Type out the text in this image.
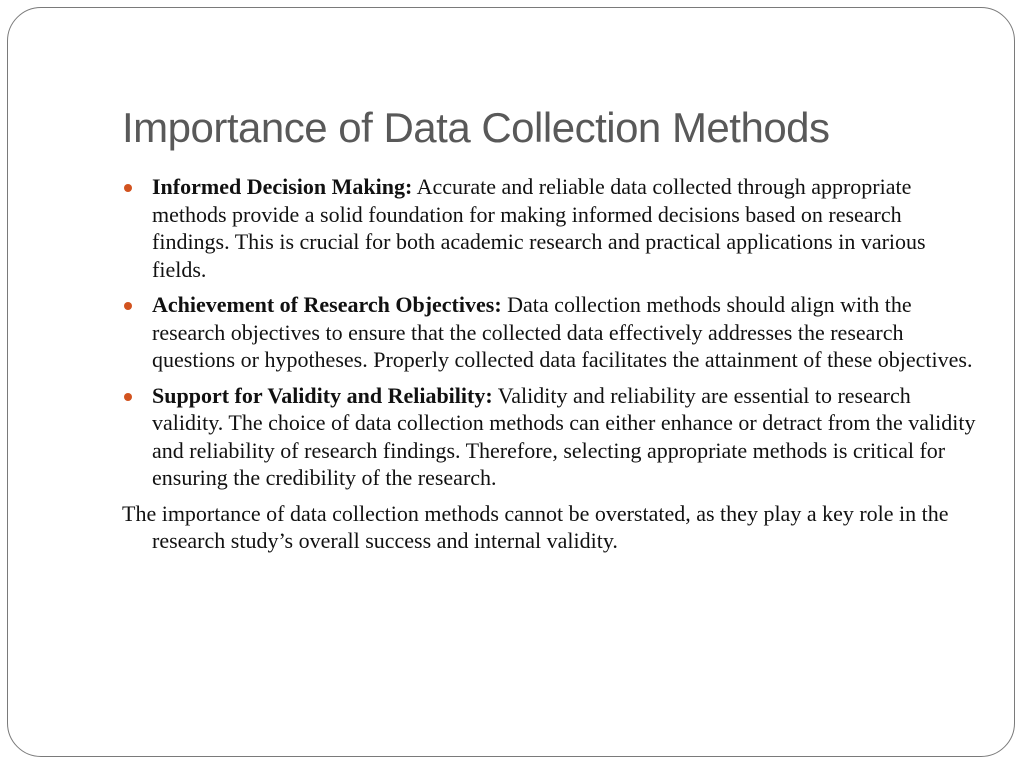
Importance of Data Collection Methods
Informed Decision Making: Accurate and reliable data collected through appropriate methods provide a solid foundation for making informed decisions based on research findings. This is crucial for both academic research and practical applications in various fields.
Achievement of Research Objectives: Data collection methods should align with the research objectives to ensure that the collected data effectively addresses the research questions or hypotheses. Properly collected data facilitates the attainment of these objectives.
Support for Validity and Reliability: Validity and reliability are essential to research validity. The choice of data collection methods can either enhance or detract from the validity and reliability of research findings. Therefore, selecting appropriate methods is critical for ensuring the credibility of the research.

The importance of data collection methods cannot be overstated, as they play a key role in the research study’s overall success and internal validity.
